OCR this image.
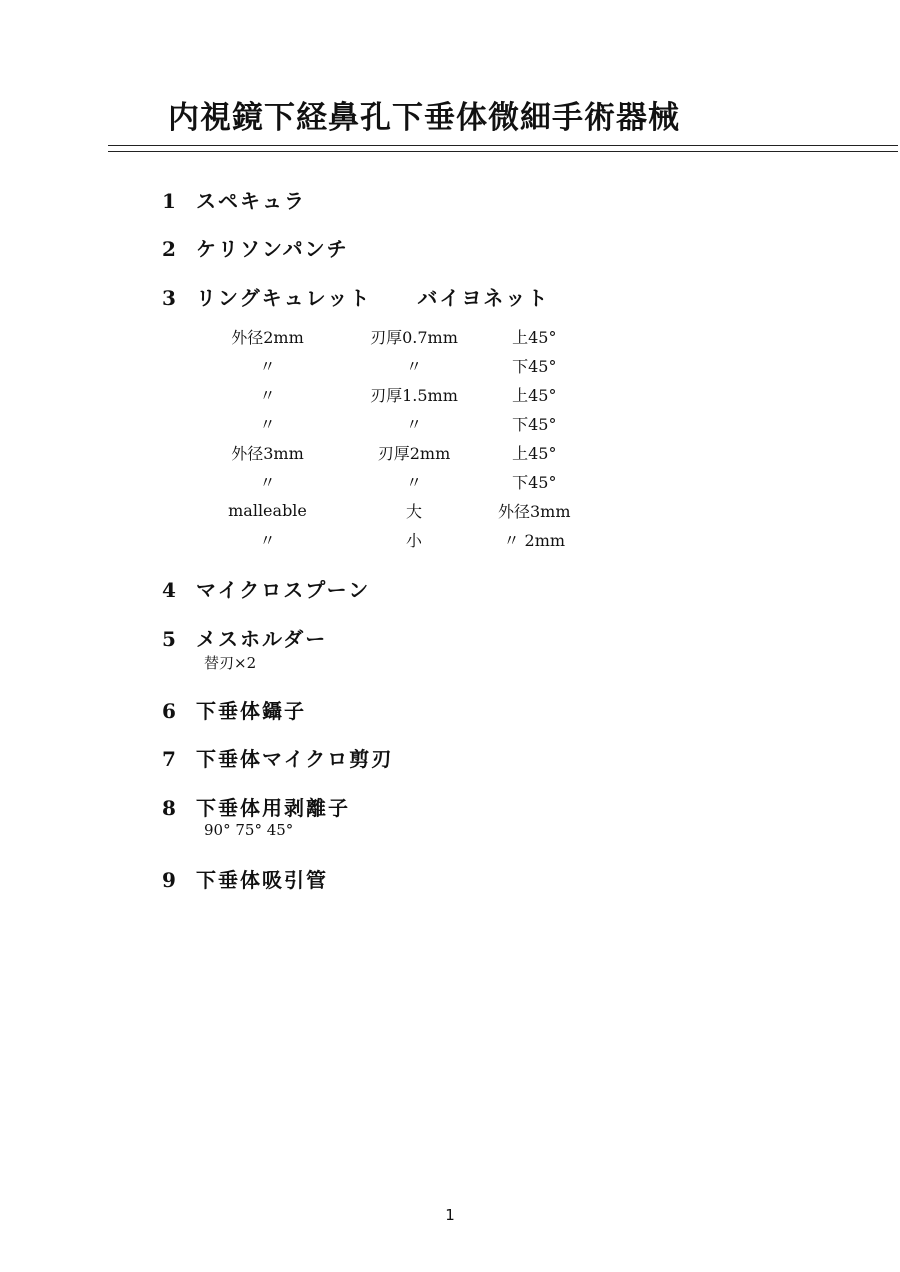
内視鏡下経鼻孔下垂体微細手術器械
1 スペキュラ
2 ケリソンパンチ
3 リングキュレット バイヨネット
外径2mm	刃厚0.7mm	上45°
〃	〃	下45°
〃	刃厚1.5mm	上45°
〃	〃	下45°
外径3mm	刃厚2mm	上45°
〃	〃	下45°
malleable	大	外径3mm
〃	小	〃 2mm
4 マイクロスプーン
5 メスホルダー
替刃×2
6 下垂体鑷子
7 下垂体マイクロ剪刃
8 下垂体用剥離子
90° 75° 45°
9 下垂体吸引管
1
